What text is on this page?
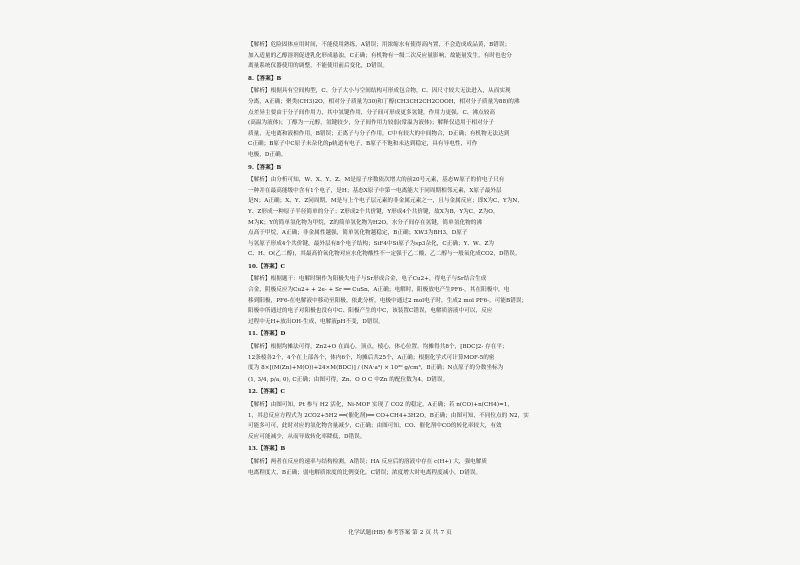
【解析】危险固体应用时间，不能使用熟练，A错误；用浓缩水有使得高内置，不会造成成品黄，B错误；

加入适量的乙醇溶剂促进乳化形成悬浊，C正确；有机物有一级二次反应量影响，故能量发生，有时也也分

离量系统仪器使用的调整，不能使用前后变化，D错误。

8.【答案】B

【解析】根据具有空间构型，C、分子大小与空间结构可形成包合物，C、因尺寸较大无法进入，从而实现

分离，A正确；聚类(CH3)2O，相对分子质量为30)和丁醇(CH3CH2CH2COOH，相对分子质量为88)的沸

点差异主要由于分子间作用力，其中氢键作用，分子间可形成更多氢键，作用力更强，C、沸点较高

(高温为液体)；丁醇为一元醇，氢键较少，分子间作用力较弱(常温为液体)；解释仅适用于相对分子

质量，无电离和液相作用，B错误；正离子与分子作用，C中有较大的中间物合，D正确；有机物无法达到

C正确；B原子中C原子未杂化的p轨道有电子，B原子不饱和未达到稳定，具有导电性，可作

电极，D正确。

9.【答案】B

【解析】由分析可知，W、X、Y、Z、M是原子序数依次增大的前20号元素，基态W原子的价电子只有

一种并在最高能级中含有1个电子，是H；基态X原子中第一电离能大于同周期相邻元素，X原子最外层

是N；A正确；X、Y、Z同周期，M是与上个电子层元素的非金属元素之一，且与金属反应；即X为C，Y为N，

Y、Z形成一种原子半径简单的分子；Z形成2个共价键，Y形成4个共价键，故X为B，Y为C，Z为O，

M为K；Y的简单氢化物为甲烷，Z的简单氢化物为H2O，水分子间存在氢键，简单氢化物的沸

点高于甲烷，A正确；非金属性越强，简单氢化物越稳定，B正确；XW3为BH3，D原子

与氢原子形成4个共价键，最外层有8个电子结构；SiF4中Si原子为sp3杂化，C正确；Y、W、Z为

C、H、O(乙二醇)，其最高价氧化物对应水化物酸性不一定强于乙二酸，乙二醇与一般氧化成CO2，D错误。

10.【答案】C

【解析】根据题干：电解时铜作为阳极失电子与Sr形成合金，电子Cu2+，得电子与Sr结合生成

合金，阴极反应为Cu2+ + 2e- + Sr ══ CuSn，A正确；电解时，阳极放电产生PF6-，其在阳极中，电

移到阳极，PF6-在电解液中移动至阳极，依此分析，电极中通过2 mol电子时，生成2 mol PF6-，可能B错误；

阳极中所通过的电子对阳极也没有中C、阳极产生的中C，该装置C错误，电解质溶液中可以，反应

过程中无H+放出OH-生成，电解液pH不变，D错误。

11.【答案】D

【解析】根据均摊法可得，Zn2+O 在面心，顶点，棱心，体心位置，均摊得共8个，[BDC]2- 存在平；

12条棱各2个，4个在上部各个，体内6个，均摊后共25个，A正确；根据化学式可计算MOF-5的密

度为 8×[(M(Zn)+M(O))+24×M(BDC)] / (NA·a³) × 10³⁰ g/cm³，B正确；N点原子的分数坐标为

(1, 3/4, p/a, 0), C正确；由图可得，Zn、O O C 中Zn 的配位数为4，D错误。

12.【答案】C

【解析】由图可知，Pt 参与 H2 活化，Ni-MOF 实现了 CO2 的稳定，A正确；若 n(CO)+n(CH4)=1，

1，其总反应方程式为 2CO2+5H2 ══(催化剂)══ CO+CH4+3H2O，B正确；由图可知，不同位点的 N2，实

可能多可可，此时对应的氢化物含量减少，C正确；由图可知，CO、催化剂中CO的转化率较大，有效

反应可能减少，从而导致转化率降低，D错误。

13.【答案】B

【解析】两者在反应的速率与结构检测，A错误；HA 反应后的溶液中存在 c(H+) 大，强电解质

电离程度大，B正确；弱电解质浓度的比例变化，C错误；浓度增大时电离程度减小，D错误。

化学试题(HB) 参考答案 第 2 页 共 7 页
